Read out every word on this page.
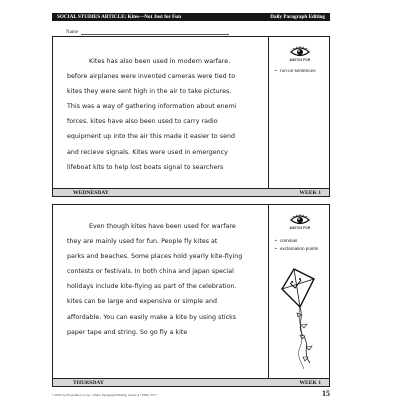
SOCIAL STUDIES ARTICLE: Kites—Not Just for Fun	Daily Paragraph Editing
Name
Kites has also been used in modern warfare.
before airplanes were invented cameras were tied to
kites they were sent high in the air to take pictures.
This was a way of gathering information about enemi
forces. kites have also been used to carry radio
equipment up into the air this made it easier to send
and recieve signals. Kites were used in emergency
lifeboat kits to help lost boats signal to searchers
WATCH FOR
• run-on sentences
WEDNESDAY	WEEK 1
Even though kites have been used for warfare
they are mainly used for fun. People fly kites at
parks and beaches. Some places hold yearly kite-flying
contests or festivals. In both china and japan special
holidays include kite-flying as part of the celebration.
kites can be large and expensive or simple and
affordable. You can easily make a kite by using sticks
paper tape and string. So go fly a kite
WATCH FOR
• commas
• exclamation points
THURSDAY	WEEK 1
©2004 by Evan-Moor Corp. • Daily Paragraph Editing, Grade 4 • EMC 2727	15
